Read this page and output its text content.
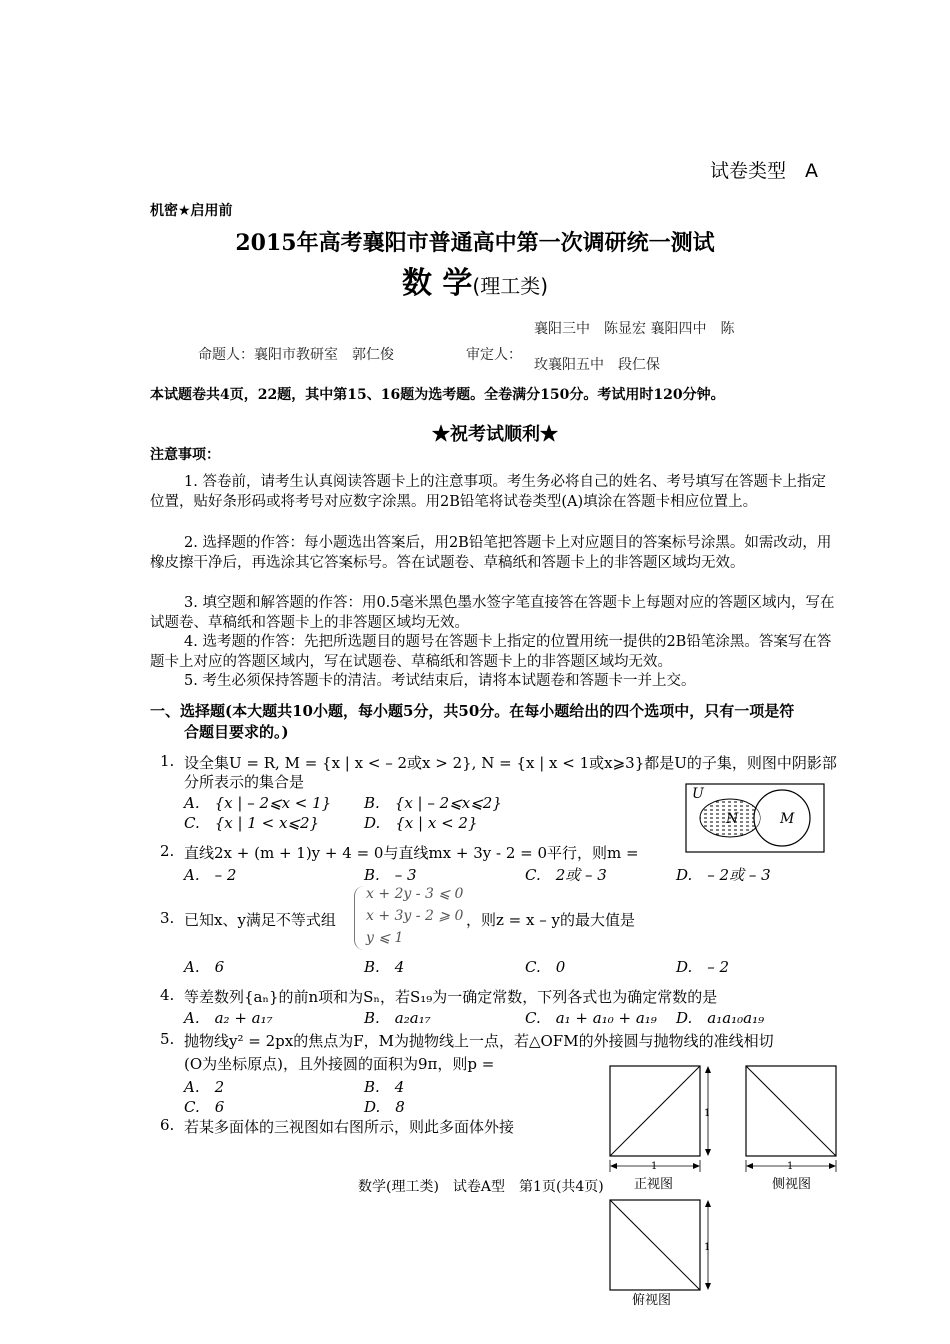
试卷类型　A
机密★启用前
2015年高考襄阳市普通高中第一次调研统一测试
数 学(理工类)
襄阳三中　陈显宏 襄阳四中　陈
命题人：襄阳市教研室　郭仁俊	审定人：
玫襄阳五中　段仁保
本试题卷共4页，22题，其中第15、16题为选考题。全卷满分150分。考试用时120分钟。
★祝考试顺利★
注意事项：
1. 答卷前，请考生认真阅读答题卡上的注意事项。考生务必将自己的姓名、考号填写在答题卡上指定位置，贴好条形码或将考号对应数字涂黑。用2B铅笔将试卷类型(A)填涂在答题卡相应位置上。
2. 选择题的作答：每小题选出答案后，用2B铅笔把答题卡上对应题目的答案标号涂黑。如需改动，用橡皮擦干净后，再选涂其它答案标号。答在试题卷、草稿纸和答题卡上的非答题区域均无效。
3. 填空题和解答题的作答：用0.5毫米黑色墨水签字笔直接答在答题卡上每题对应的答题区域内，写在试题卷、草稿纸和答题卡上的非答题区域均无效。
4. 选考题的作答：先把所选题目的题号在答题卡上指定的位置用统一提供的2B铅笔涂黑。答案写在答题卡上对应的答题区域内，写在试题卷、草稿纸和答题卡上的非答题区域均无效。
5. 考生必须保持答题卡的清洁。考试结束后，请将本试题卷和答题卡一并上交。
一、选择题(本大题共10小题，每小题5分，共50分。在每小题给出的四个选项中，只有一项是符
合题目要求的。)
1. 设全集U = R, M = {x | x < – 2或x > 2}, N = {x | x < 1或x⩾3}都是U的子集，则图中阴影部
分所表示的集合是
A.　{x | – 2⩽x < 1} B.　{x | – 2⩽x⩽2}
C.　{x | 1 < x⩽2}	D.　{x | x < 2}
U
N	M
2. 直线2x + (m + 1)y + 4 = 0与直线mx + 3y - 2 = 0平行，则m =
A.　– 2	B.　– 3	C.　2或 – 3	D.　– 2或 – 3
3. 已知x、y满足不等式组
x + 2y - 3 ⩽ 0
x + 3y - 2 ⩾ 0
y ⩽ 1
，则z = x – y的最大值是
A.　6	B.　4	C.　0	D.　– 2
4. 等差数列{aₙ}的前n项和为Sₙ，若S₁₉为一确定常数，下列各式也为确定常数的是
A.　a₂ + a₁₇	B.　a₂a₁₇	C.　a₁ + a₁₀ + a₁₉ D.　a₁a₁₀a₁₉
5. 抛物线y² = 2px的焦点为F，M为抛物线上一点，若△OFM的外接圆与抛物线的准线相切
(O为坐标原点)，且外接圆的面积为9π，则p =
A.　2	B.　4
C.　6	D.　8
6. 若某多面体的三视图如右图所示，则此多面体外接
1
1
正视图
1
侧视图
1
俯视图
数学(理工类)　试卷A型　第1页(共4页)
